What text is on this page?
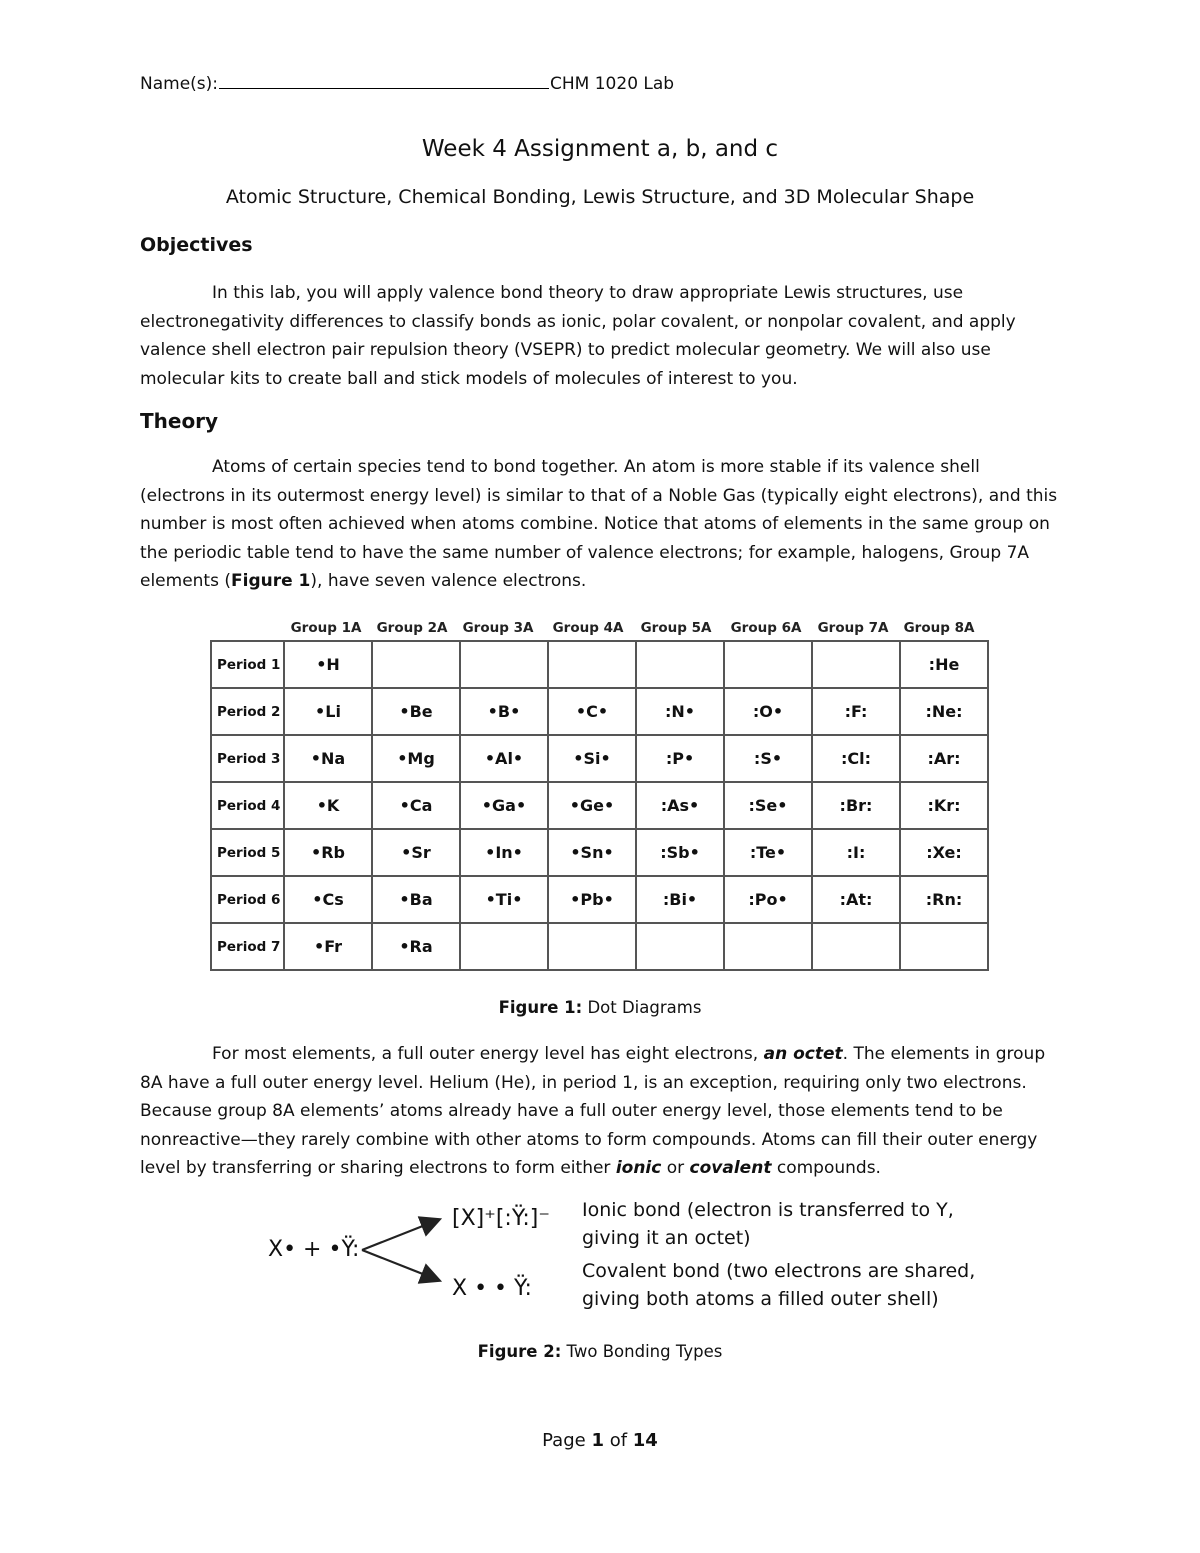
Name(s):	CHM 1020 Lab
Week 4 Assignment a, b, and c
Atomic Structure, Chemical Bonding, Lewis Structure, and 3D Molecular Shape
Objectives

In this lab, you will apply valence bond theory to draw appropriate Lewis structures, use electronegativity differences to classify bonds as ionic, polar covalent, or nonpolar covalent, and apply valence shell electron pair repulsion theory (VSEPR) to predict molecular geometry. We will also use molecular kits to create ball and stick models of molecules of interest to you.

Theory

Atoms of certain species tend to bond together. An atom is more stable if its valence shell (electrons in its outermost energy level) is similar to that of a Noble Gas (typically eight electrons), and this number is most often achieved when atoms combine. Notice that atoms of elements in the same group on the periodic table tend to have the same number of valence electrons; for example, halogens, Group 7A elements (Figure 1), have seven valence electrons.

Group 1A	Group 2A	Group 3A	Group 4A	Group 5A	Group 6A	Group 7A	Group 8A
Period 1	•H							:He
Period 2	•Li	•Be	•B•	•C•	:N•	:O•	:F:	:Ne:
Period 3	•Na	•Mg	•Al•	•Si•	:P•	:S•	:Cl:	:Ar:
Period 4	•K	•Ca	•Ga•	•Ge•	:As•	:Se•	:Br:	:Kr:
Period 5	•Rb	•Sr	•In•	•Sn•	:Sb•	:Te•	:I:	:Xe:
Period 6	•Cs	•Ba	•Ti•	•Pb•	:Bi•	:Po•	:At:	:Rn:
Period 7	•Fr	•Ra						
Figure 1: Dot Diagrams

For most elements, a full outer energy level has eight electrons, an octet. The elements in group 8A have a full outer energy level. Helium (He), in period 1, is an exception, requiring only two electrons. Because group 8A elements’ atoms already have a full outer energy level, those elements tend to be nonreactive—they rarely combine with other atoms to form compounds. Atoms can fill their outer energy level by transferring or sharing electrons to form either ionic or covalent compounds.

X• + •Ÿ:
[X]⁺[:Ÿ:]⁻
X • • Ÿ:
Ionic bond (electron is transferred to Y,
giving it an octet)
Covalent bond (two electrons are shared,
giving both atoms a filled outer shell)
Figure 2: Two Bonding Types
Page 1 of 14
